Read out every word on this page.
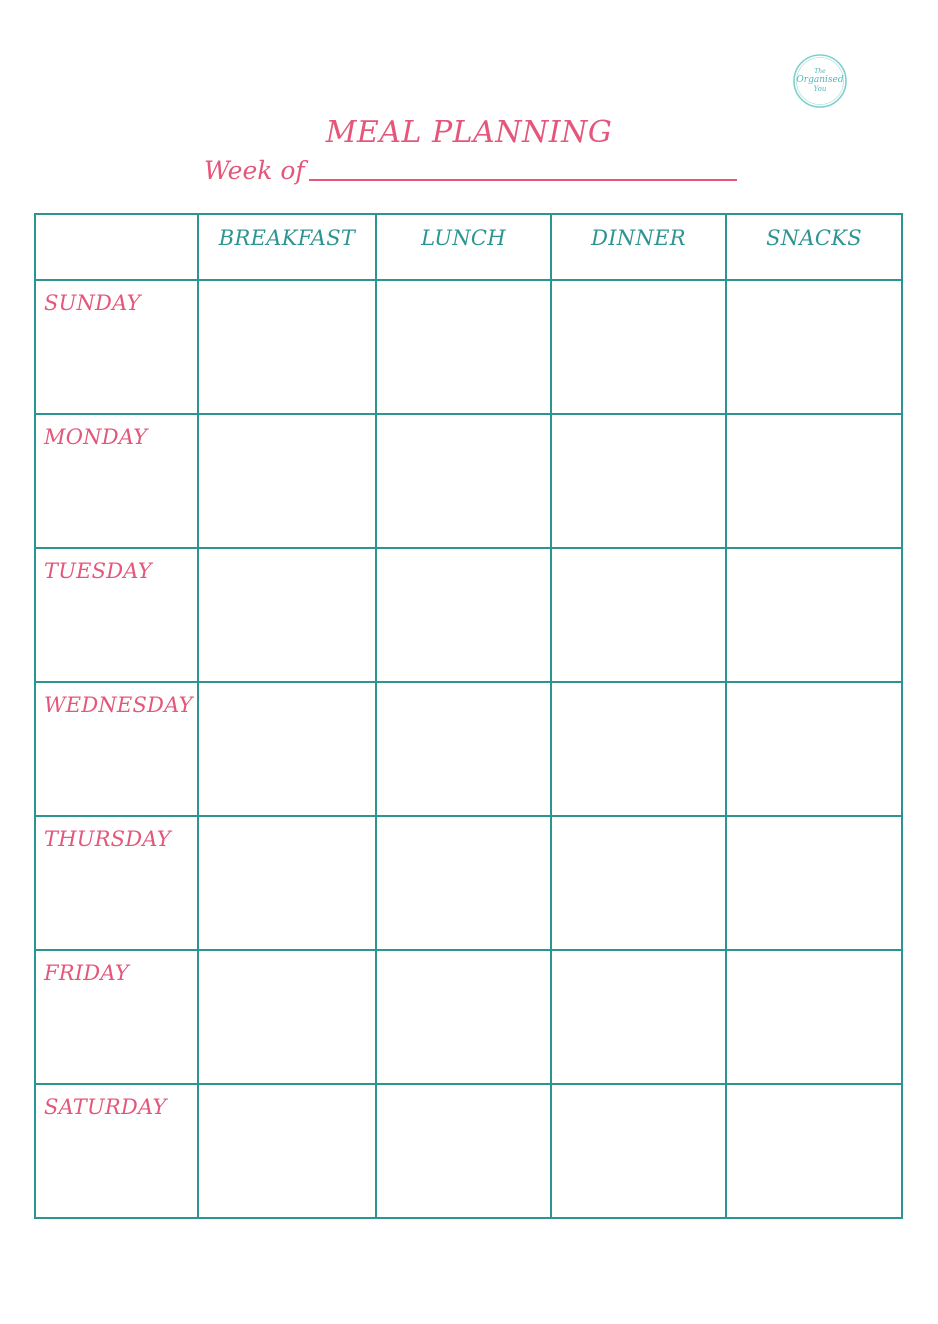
The
Organised
You
MEAL PLANNING
Week of
	BREAKFAST	LUNCH	DINNER	SNACKS
SUNDAY				
MONDAY				
TUESDAY				
WEDNESDAY				
THURSDAY				
FRIDAY				
SATURDAY				
